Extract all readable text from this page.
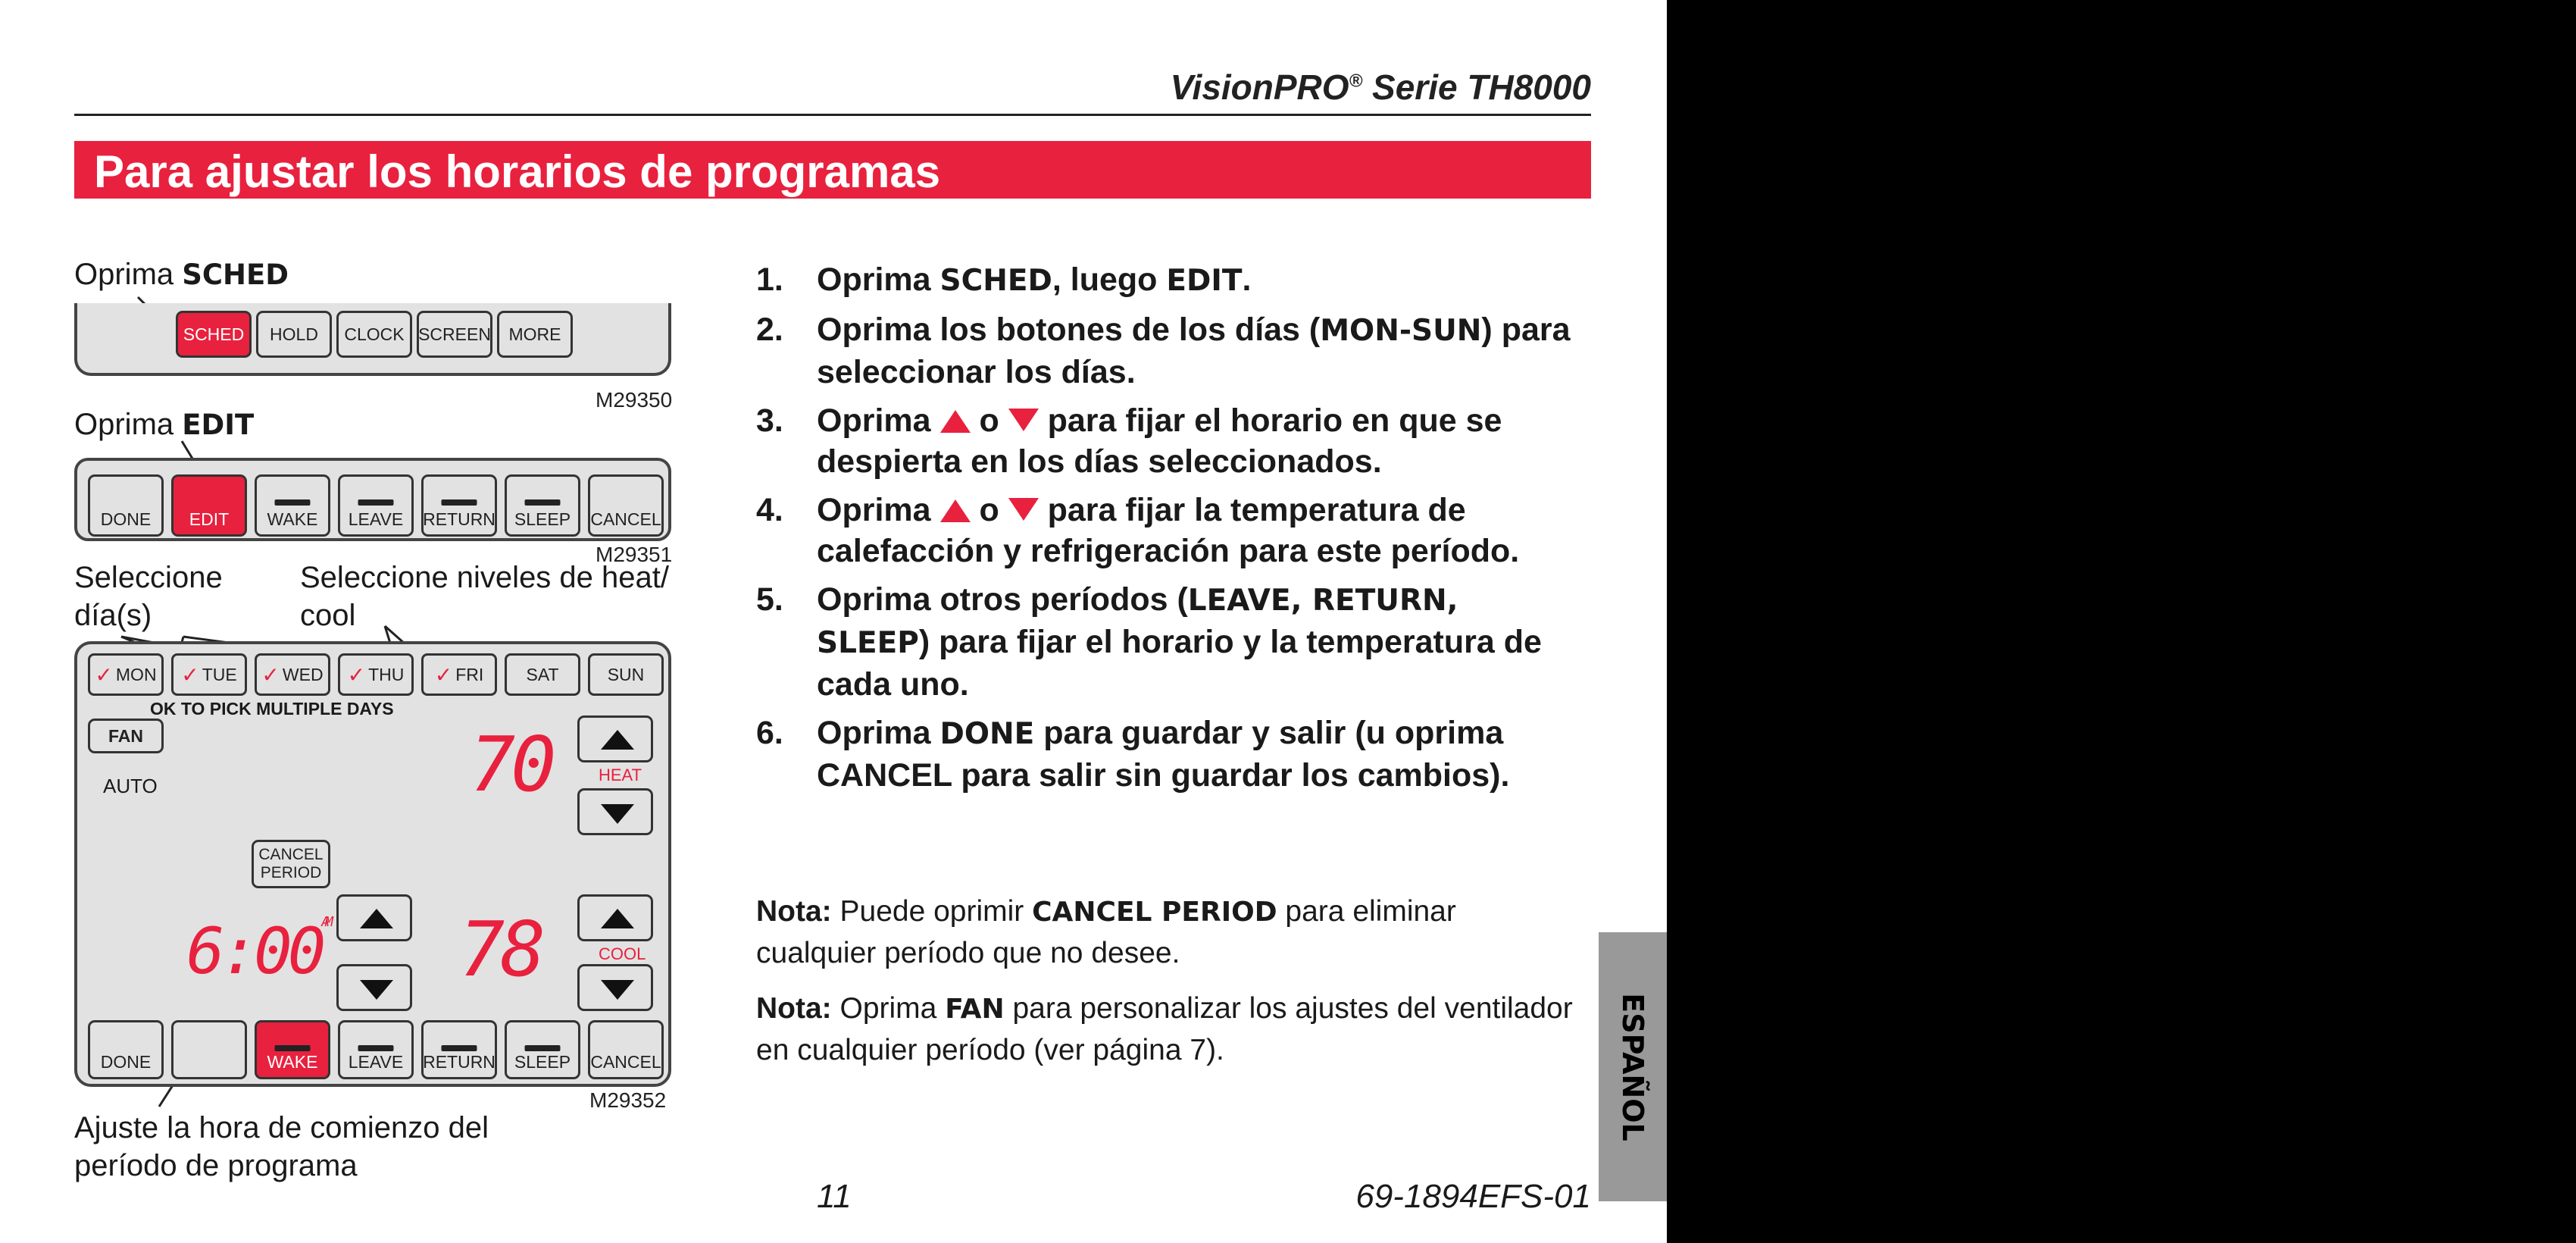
VisionPRO® Serie TH8000
Para ajustar los horarios de programas
ESPAÑOL
Oprima SCHED
SCHED	HOLD	CLOCK SCREEN	MORE
M29350
Oprima EDIT
DONE EDIT WAKE LEAVE RETURN SLEEP CANCEL
M29351
Seleccione
día(s)
Seleccione niveles de heat/
cool
✓ MON ✓ TUE ✓ WED ✓ THU ✓ FRI SAT	SUN
OK TO PICK MULTIPLE DAYS
FAN
AUTO	70	HEAT
CANCEL
PERIOD
$6:00^{AM}$ 78	COOL
DONE	WAKE LEAVE RETURN SLEEP CANCEL
M29352
Ajuste la hora de comienzo del
período de programa
1.	Oprima SCHED, luego EDIT.
2.	Oprima los botones de los días (MON-SUN) para seleccionar los días.
3.	Oprima  o  para fijar el horario en que se despierta en los días seleccionados.
4.	Oprima  o  para fijar la temperatura de calefacción y refrigeración para este período.
5.	Oprima otros períodos (LEAVE, RETURN, SLEEP) para fijar el horario y la temperatura de cada uno.
6.	Oprima DONE para guardar y salir (u oprima CANCEL para salir sin guardar los cambios).
Nota: Puede oprimir CANCEL PERIOD para eliminar cualquier período que no desee.
Nota: Oprima FAN para personalizar los ajustes del ventilador en cualquier período (ver página 7).
11	69-1894EFS-01
